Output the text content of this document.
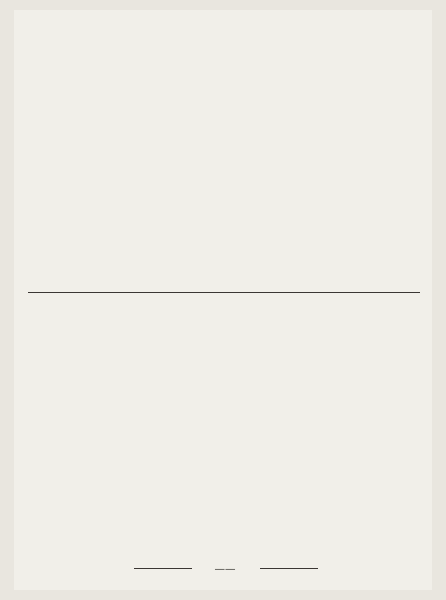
——
